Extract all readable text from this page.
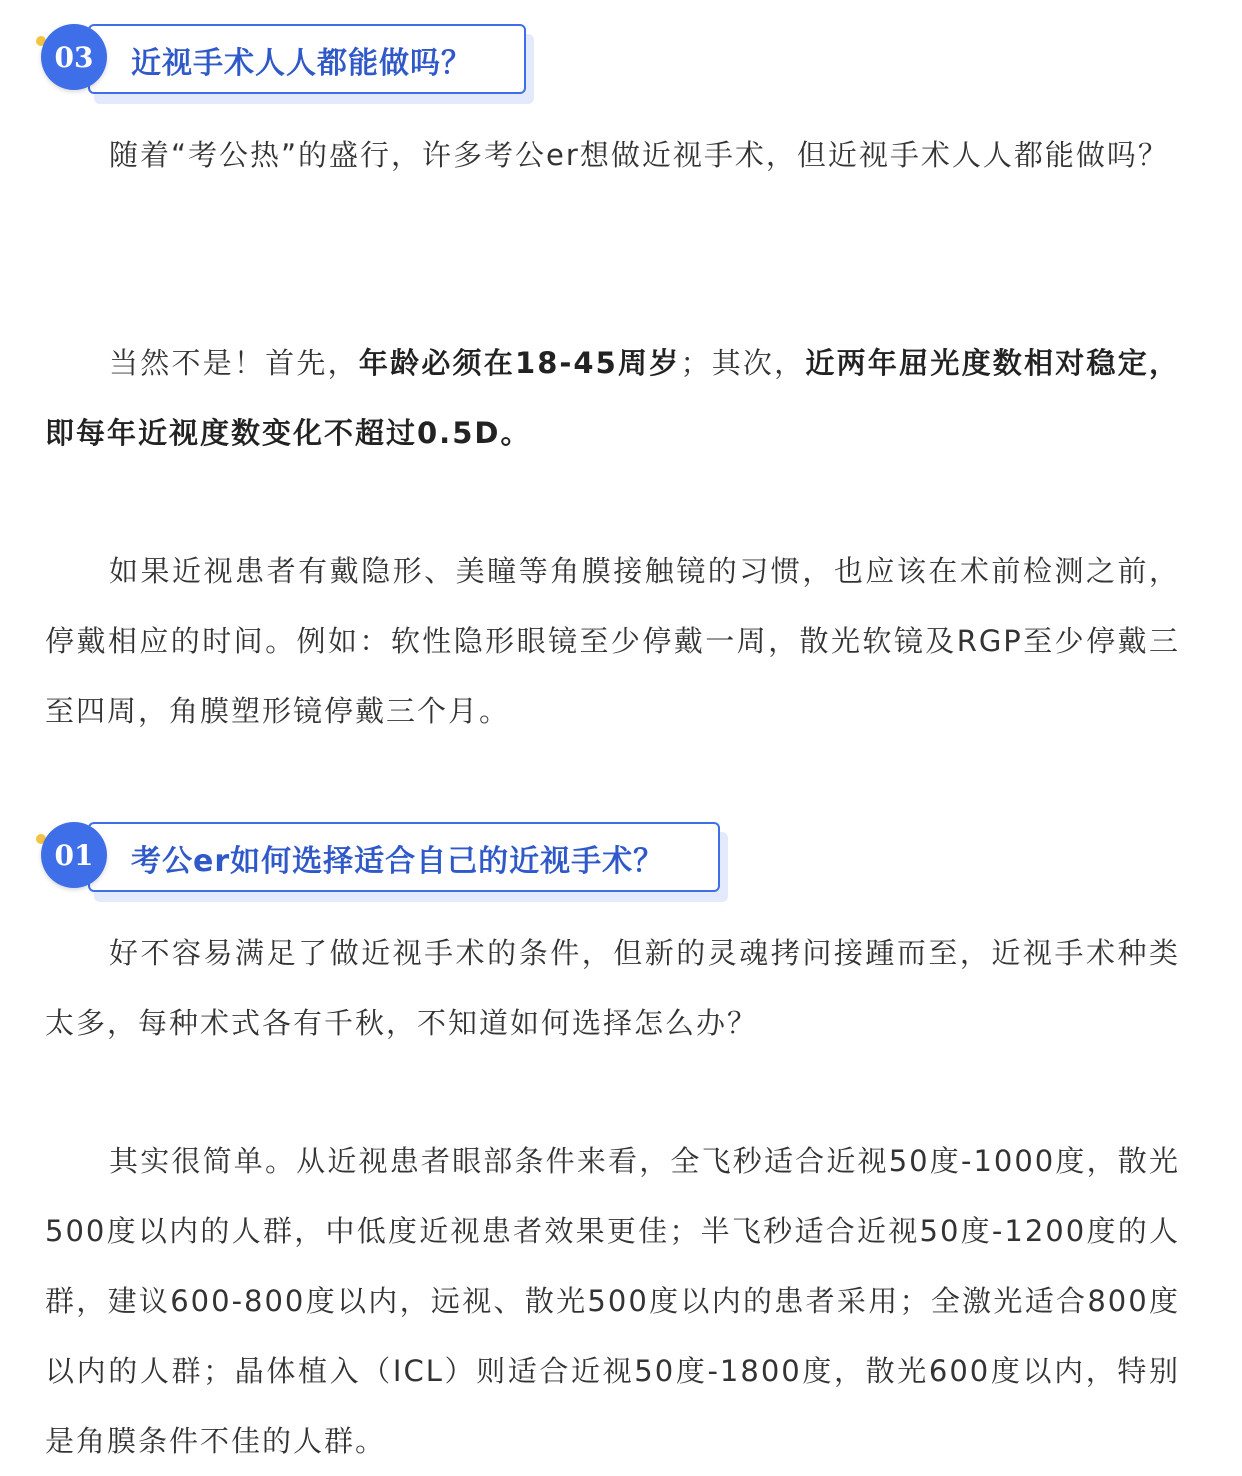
03	近视手术人人都能做吗？

随着“考公热”的盛行，许多考公er想做近视手术，但近视手术人人都能做吗？

当然不是！首先，年龄必须在18-45周岁；其次，近两年屈光度数相对稳定，即每年近视度数变化不超过0.5D。

如果近视患者有戴隐形、美瞳等角膜接触镜的习惯，也应该在术前检测之前，停戴相应的时间。例如：软性隐形眼镜至少停戴一周，散光软镜及RGP至少停戴三至四周，角膜塑形镜停戴三个月。

01	考公er如何选择适合自己的近视手术？

好不容易满足了做近视手术的条件，但新的灵魂拷问接踵而至，近视手术种类太多，每种术式各有千秋，不知道如何选择怎么办？

其实很简单。从近视患者眼部条件来看，全飞秒适合近视50度-1000度，散光500度以内的人群，中低度近视患者效果更佳；半飞秒适合近视50度-1200度的人群，建议600-800度以内，远视、散光500度以内的患者采用；全激光适合800度以内的人群；晶体植入（ICL）则适合近视50度-1800度，散光600度以内，特别是角膜条件不佳的人群。
